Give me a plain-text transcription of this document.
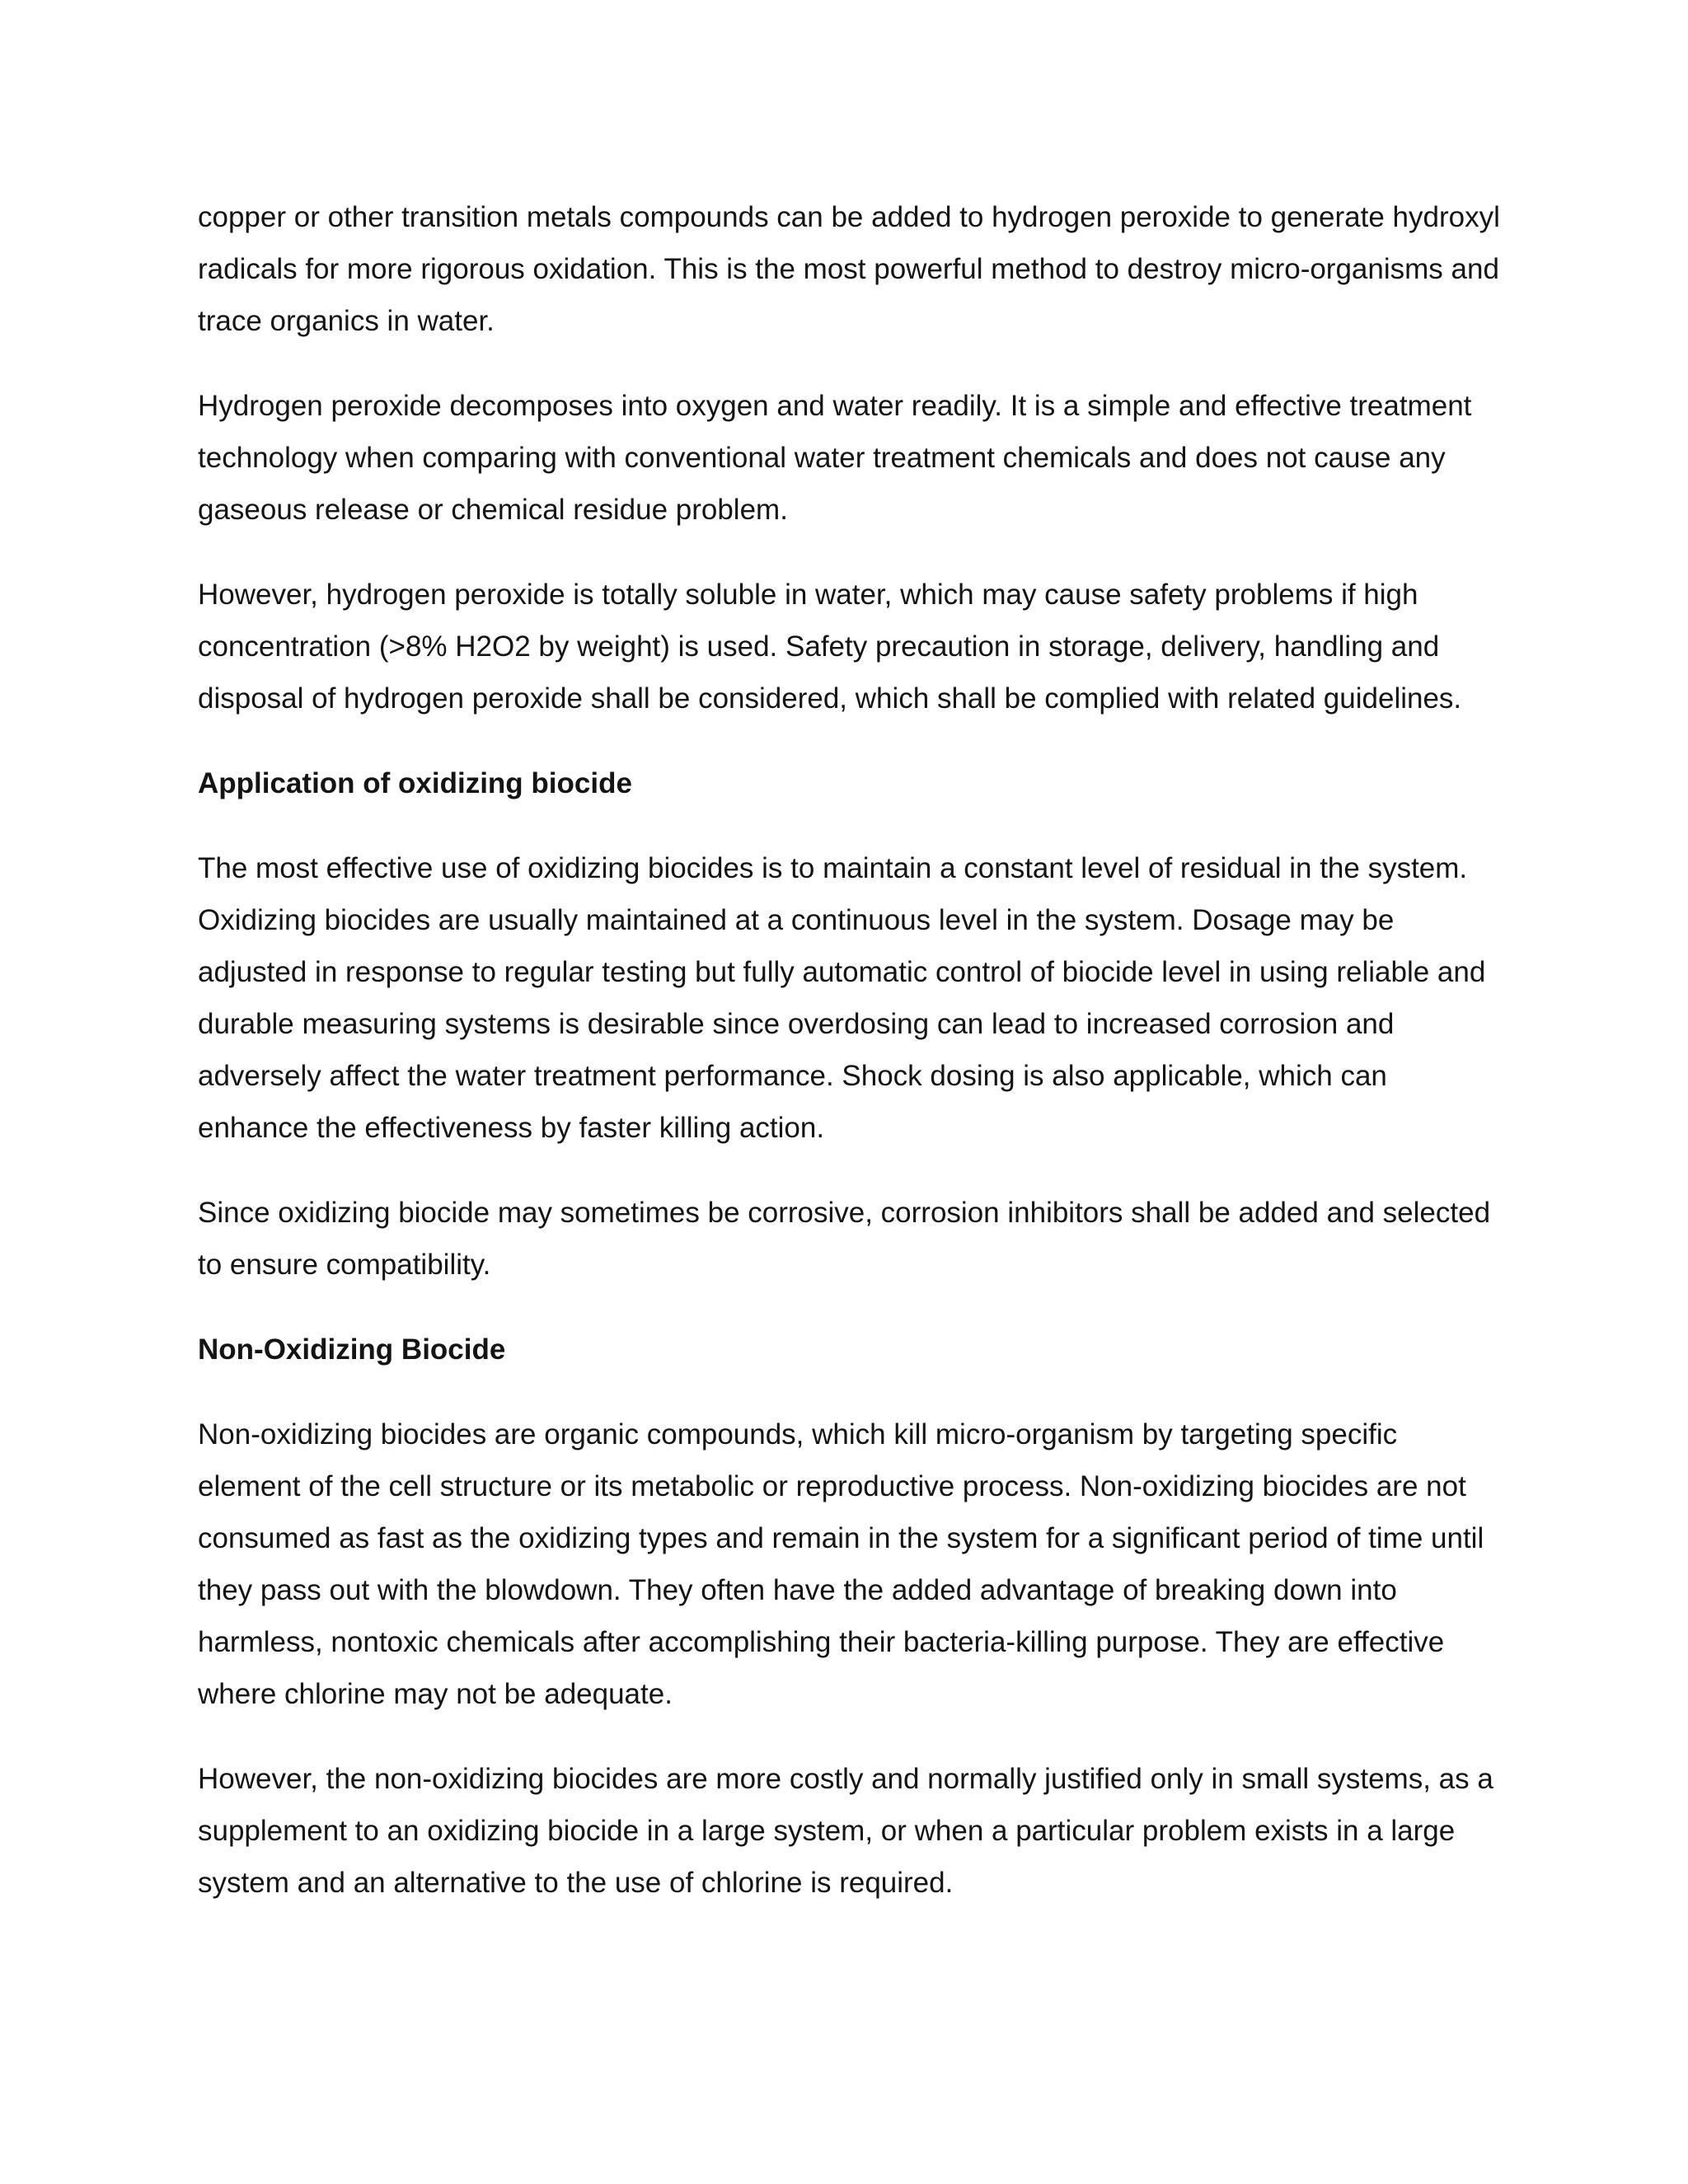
copper or other transition metals compounds can be added to hydrogen peroxide to generate hydroxyl radicals for more rigorous oxidation. This is the most powerful method to destroy micro-organisms and trace organics in water.

Hydrogen peroxide decomposes into oxygen and water readily. It is a simple and effective treatment technology when comparing with conventional water treatment chemicals and does not cause any gaseous release or chemical residue problem.

However, hydrogen peroxide is totally soluble in water, which may cause safety problems if high concentration (>8% H2O2 by weight) is used. Safety precaution in storage, delivery, handling and disposal of hydrogen peroxide shall be considered, which shall be complied with related guidelines.

Application of oxidizing biocide

The most effective use of oxidizing biocides is to maintain a constant level of residual in the system. Oxidizing biocides are usually maintained at a continuous level in the system. Dosage may be adjusted in response to regular testing but fully automatic control of biocide level in using reliable and durable measuring systems is desirable since overdosing can lead to increased corrosion and adversely affect the water treatment performance. Shock dosing is also applicable, which can enhance the effectiveness by faster killing action.

Since oxidizing biocide may sometimes be corrosive, corrosion inhibitors shall be added and selected to ensure compatibility.

Non-Oxidizing Biocide

Non-oxidizing biocides are organic compounds, which kill micro-organism by targeting specific element of the cell structure or its metabolic or reproductive process. Non-oxidizing biocides are not consumed as fast as the oxidizing types and remain in the system for a significant period of time until they pass out with the blowdown. They often have the added advantage of breaking down into harmless, nontoxic chemicals after accomplishing their bacteria-killing purpose. They are effective where chlorine may not be adequate.

However, the non-oxidizing biocides are more costly and normally justified only in small systems, as a supplement to an oxidizing biocide in a large system, or when a particular problem exists in a large system and an alternative to the use of chlorine is required.
